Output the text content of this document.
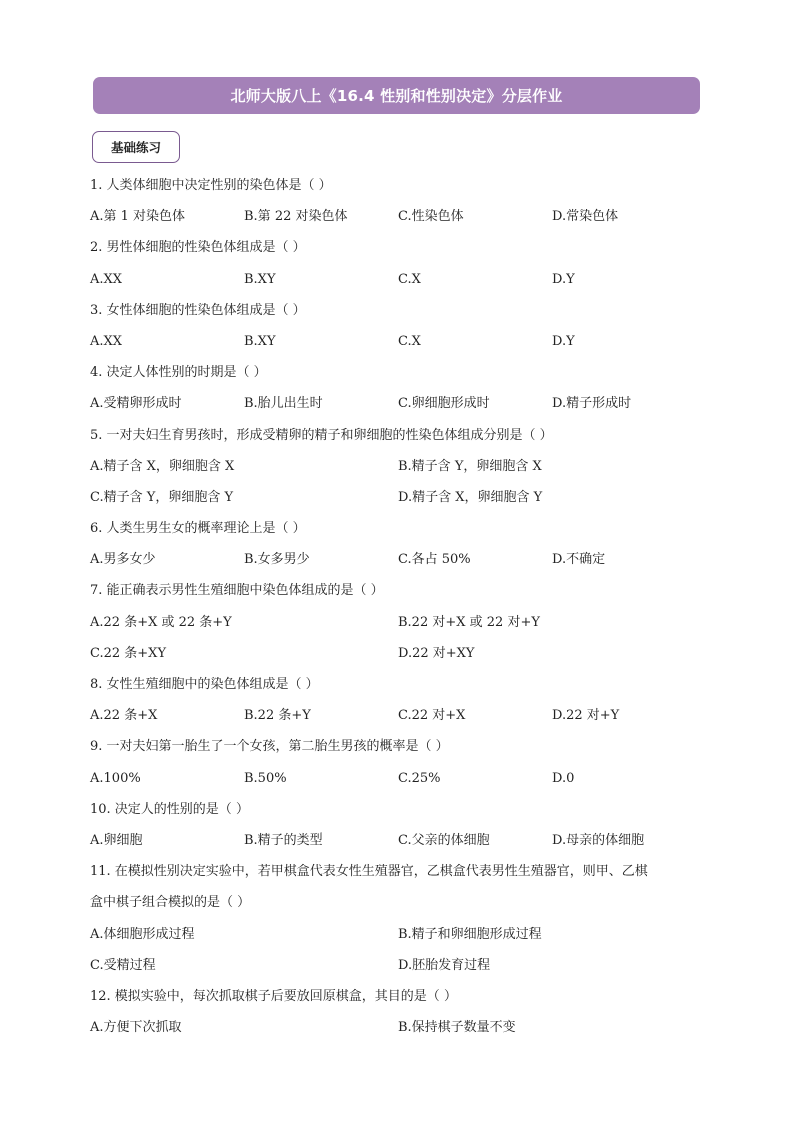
北师大版八上《16.4 性别和性别决定》分层作业
基础练习
1. 人类体细胞中决定性别的染色体是（ ）
A.第 1 对染色体	B.第 22 对染色体	C.性染色体	D.常染色体
2. 男性体细胞的性染色体组成是（ ）
A.XX	B.XY	C.X	D.Y
3. 女性体细胞的性染色体组成是（ ）
A.XX	B.XY	C.X	D.Y
4. 决定人体性别的时期是（ ）
A.受精卵形成时	B.胎儿出生时	C.卵细胞形成时	D.精子形成时
5. 一对夫妇生育男孩时，形成受精卵的精子和卵细胞的性染色体组成分别是（ ）
A.精子含 X，卵细胞含 X	B.精子含 Y，卵细胞含 X
C.精子含 Y，卵细胞含 Y	D.精子含 X，卵细胞含 Y
6. 人类生男生女的概率理论上是（ ）
A.男多女少	B.女多男少	C.各占 50%	D.不确定
7. 能正确表示男性生殖细胞中染色体组成的是（ ）
A.22 条+X 或 22 条+Y	B.22 对+X 或 22 对+Y
C.22 条+XY	D.22 对+XY
8. 女性生殖细胞中的染色体组成是（ ）
A.22 条+X	B.22 条+Y	C.22 对+X	D.22 对+Y
9. 一对夫妇第一胎生了一个女孩，第二胎生男孩的概率是（ ）
A.100%	B.50%	C.25%	D.0
10. 决定人的性别的是（ ）
A.卵细胞	B.精子的类型	C.父亲的体细胞	D.母亲的体细胞
11. 在模拟性别决定实验中，若甲棋盒代表女性生殖器官，乙棋盒代表男性生殖器官，则甲、乙棋
盒中棋子组合模拟的是（ ）
A.体细胞形成过程	B.精子和卵细胞形成过程
C.受精过程	D.胚胎发育过程
12. 模拟实验中，每次抓取棋子后要放回原棋盒，其目的是（ ）
A.方便下次抓取	B.保持棋子数量不变
